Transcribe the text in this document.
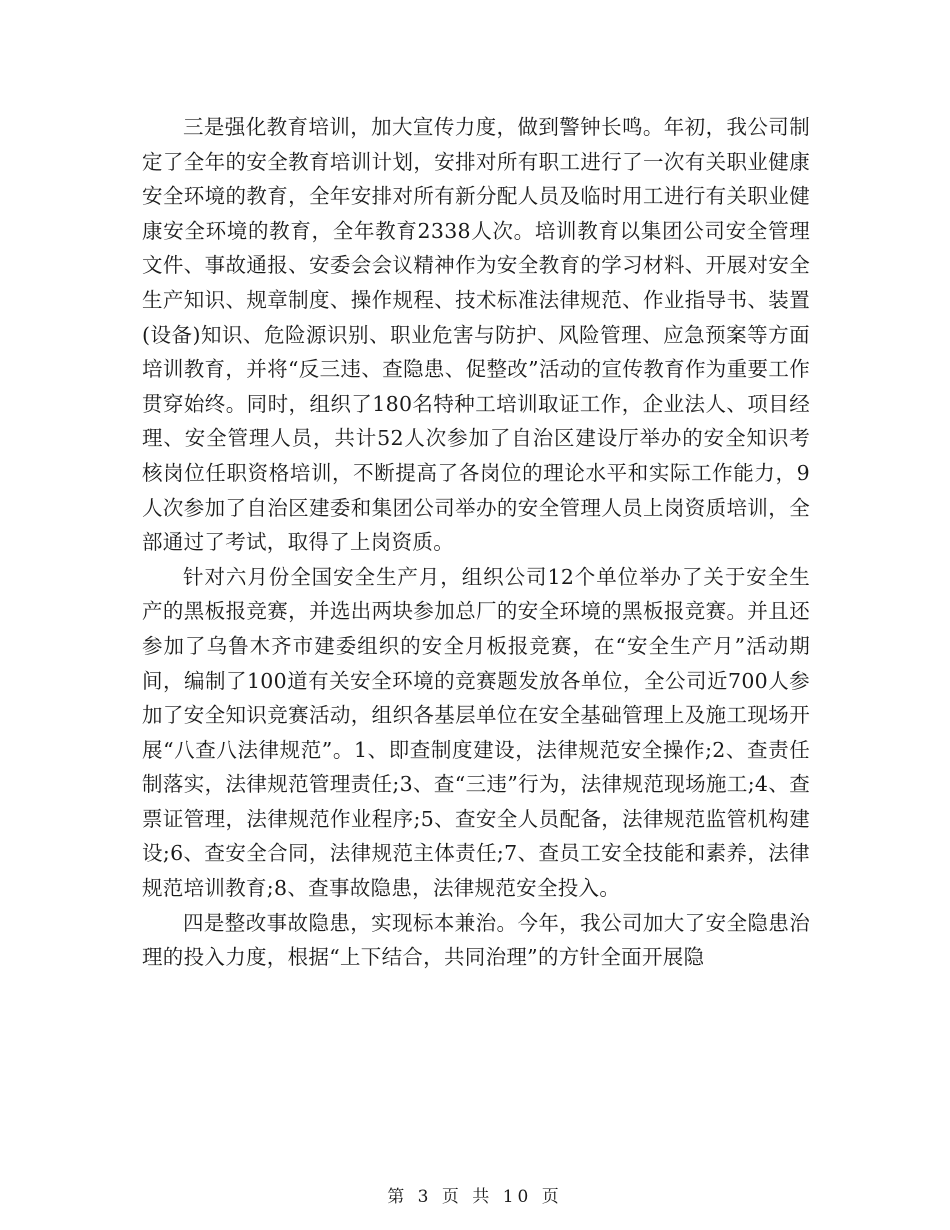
三是强化教育培训，加大宣传力度，做到警钟长鸣。年初，我公司制定了全年的安全教育培训计划，安排对所有职工进行了一次有关职业健康安全环境的教育，全年安排对所有新分配人员及临时用工进行有关职业健康安全环境的教育，全年教育2338人次。培训教育以集团公司安全管理文件、事故通报、安委会会议精神作为安全教育的学习材料、开展对安全生产知识、规章制度、操作规程、技术标准法律规范、作业指导书、装置(设备)知识、危险源识别、职业危害与防护、风险管理、应急预案等方面培训教育，并将“反三违、查隐患、促整改”活动的宣传教育作为重要工作贯穿始终。同时，组织了180名特种工培训取证工作，企业法人、项目经理、安全管理人员，共计52人次参加了自治区建设厅举办的安全知识考核岗位任职资格培训，不断提高了各岗位的理论水平和实际工作能力，9人次参加了自治区建委和集团公司举办的安全管理人员上岗资质培训，全部通过了考试，取得了上岗资质。

针对六月份全国安全生产月，组织公司12个单位举办了关于安全生产的黑板报竞赛，并选出两块参加总厂的安全环境的黑板报竞赛。并且还参加了乌鲁木齐市建委组织的安全月板报竞赛，在“安全生产月”活动期间，编制了100道有关安全环境的竞赛题发放各单位，全公司近700人参加了安全知识竞赛活动，组织各基层单位在安全基础管理上及施工现场开展“八查八法律规范”。1、即查制度建设，法律规范安全操作;2、查责任制落实，法律规范管理责任;3、查“三违”行为，法律规范现场施工;4、查票证管理，法律规范作业程序;5、查安全人员配备，法律规范监管机构建设;6、查安全合同，法律规范主体责任;7、查员工安全技能和素养，法律规范培训教育;8、查事故隐患，法律规范安全投入。

四是整改事故隐患，实现标本兼治。今年，我公司加大了安全隐患治理的投入力度，根据“上下结合，共同治理”的方针全面开展隐

第 3 页 共 10 页
